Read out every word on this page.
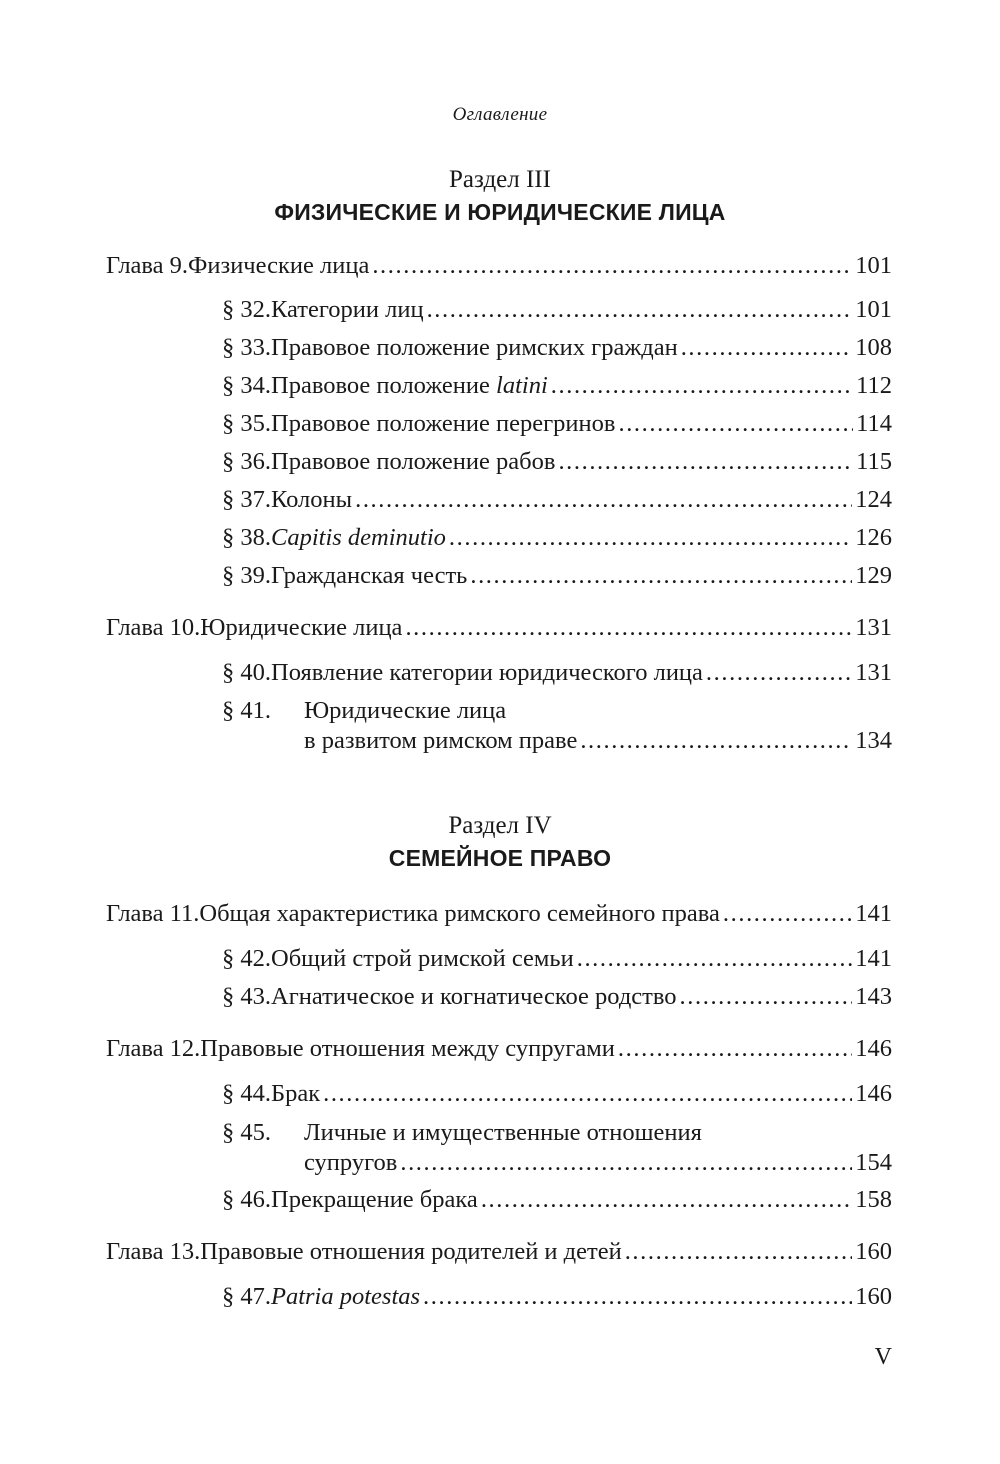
Оглавление
Раздел III
ФИЗИЧЕСКИЕ И ЮРИДИЧЕСКИЕ ЛИЦА
Глава 9. Физические лица .....	101
§ 32. Категории лиц .....	101
§ 33. Правовое положение римских граждан .....	108
§ 34. Правовое положение latini .....	112
§ 35. Правовое положение перегринов .....	114
§ 36. Правовое положение рабов .....	115
§ 37. Колоны .....	124
§ 38. Capitis deminutio .....	126
§ 39. Гражданская честь .....	129
Глава 10. Юридические лица .....	131
§ 40. Появление категории юридического лица .....	131
§ 41.	Юридические лица
в развитом римском праве .....	134
Раздел IV
СЕМЕЙНОЕ ПРАВО
Глава 11. Общая характеристика римского семейного права .....	141
§ 42. Общий строй римской семьи .....	141
§ 43. Агнатическое и когнатическое родство .....	143
Глава 12. Правовые отношения между супругами .....	146
§ 44. Брак .....	146
§ 45.	Личные и имущественные отношения
супругов .....	154
§ 46. Прекращение брака .....	158
Глава 13. Правовые отношения родителей и детей .....	160
§ 47. Patria potestas .....	160
V
